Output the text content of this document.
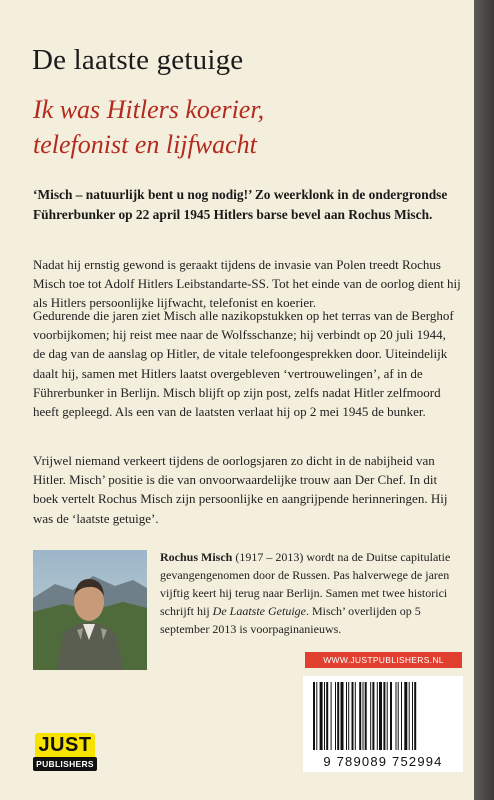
De laatste getuige
Ik was Hitlers koerier,
telefonist en lijfwacht
‘Misch – natuurlijk bent u nog nodig!’ Zo weerklonk in de ondergrondse Führerbunker op 22 april 1945 Hitlers barse bevel aan Rochus Misch.
Nadat hij ernstig gewond is geraakt tijdens de invasie van Polen treedt Rochus Misch toe tot Adolf Hitlers Leibstandarte-SS. Tot het einde van de oorlog dient hij als Hitlers persoonlijke lijfwacht, telefonist en koerier.
Gedurende die jaren ziet Misch alle nazikopstukken op het terras van de Berghof voorbijkomen; hij reist mee naar de Wolfsschanze; hij verbindt op 20 juli 1944, de dag van de aanslag op Hitler, de vitale telefoongesprekken door. Uiteindelijk daalt hij, samen met Hitlers laatst overgebleven ‘vertrouwelingen’, af in de Führerbunker in Berlijn. Misch blijft op zijn post, zelfs nadat Hitler zelfmoord heeft gepleegd. Als een van de laatsten verlaat hij op 2 mei 1945 de bunker.
Vrijwel niemand verkeert tijdens de oorlogsjaren zo dicht in de nabijheid van Hitler. Misch’ positie is die van onvoorwaardelijke trouw aan Der Chef. In dit boek vertelt Rochus Misch zijn persoonlijke en aangrijpende herinneringen. Hij was de ‘laatste getuige’.
Rochus Misch (1917 – 2013) wordt na de Duitse capitulatie gevangengenomen door de Russen. Pas halverwege de jaren vijftig keert hij terug naar Berlijn. Samen met twee historici schrijft hij De Laatste Getuige. Misch’ overlijden op 5 september 2013 is voorpaginanieuws.
WWW.JUSTPUBLISHERS.NL
JUST
PUBLISHERS	9 789089 752994
